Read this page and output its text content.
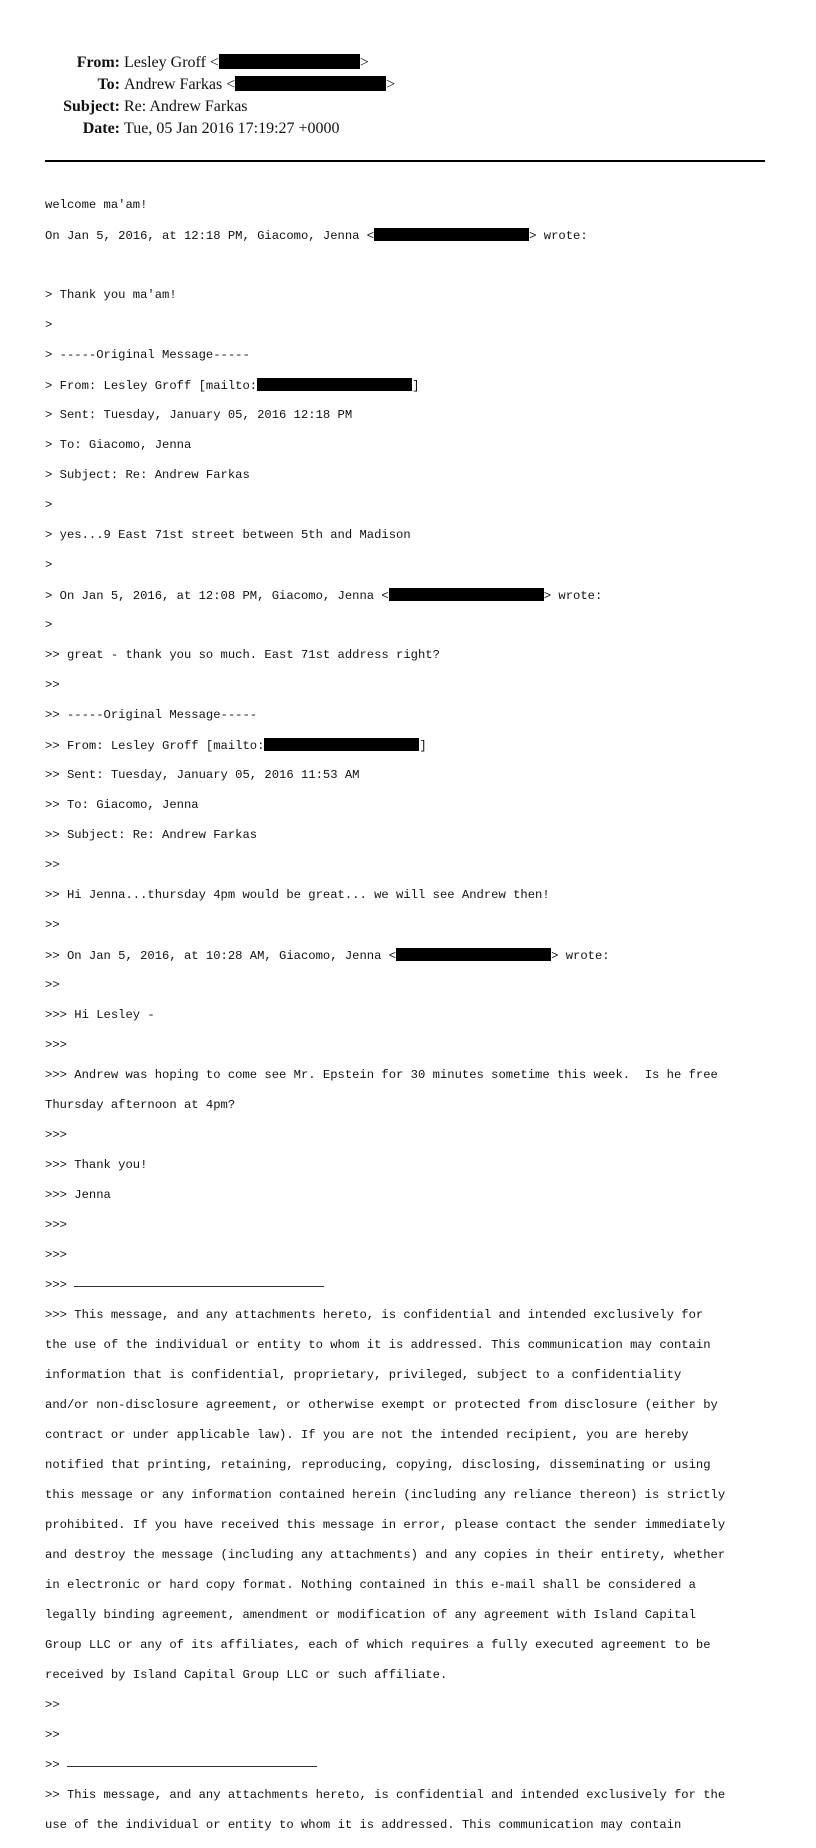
From: Lesley Groff <	>
To: Andrew Farkas <	>
Subject: Re: Andrew Farkas
Date: Tue, 05 Jan 2016 17:19:27 +0000

welcome ma'am!

On Jan 5, 2016, at 12:18 PM, Giacomo, Jenna <	> wrote:

> Thank you ma'am!

>

> -----Original Message-----

> From: Lesley Groff [mailto:	]

> Sent: Tuesday, January 05, 2016 12:18 PM

> To: Giacomo, Jenna

> Subject: Re: Andrew Farkas

>

> yes...9 East 71st street between 5th and Madison

>

> On Jan 5, 2016, at 12:08 PM, Giacomo, Jenna <	> wrote:

>

>> great - thank you so much. East 71st address right?

>>

>> -----Original Message-----

>> From: Lesley Groff [mailto:	]

>> Sent: Tuesday, January 05, 2016 11:53 AM

>> To: Giacomo, Jenna

>> Subject: Re: Andrew Farkas

>>

>> Hi Jenna...thursday 4pm would be great... we will see Andrew then!

>>

>> On Jan 5, 2016, at 10:28 AM, Giacomo, Jenna <	> wrote:

>>

>>> Hi Lesley -

>>>

>>> Andrew was hoping to come see Mr. Epstein for 30 minutes sometime this week.  Is he free

Thursday afternoon at 4pm?

>>>

>>> Thank you!

>>> Jenna

>>>

>>>

>>>

>>> This message, and any attachments hereto, is confidential and intended exclusively for

the use of the individual or entity to whom it is addressed. This communication may contain

information that is confidential, proprietary, privileged, subject to a confidentiality

and/or non-disclosure agreement, or otherwise exempt or protected from disclosure (either by

contract or under applicable law). If you are not the intended recipient, you are hereby

notified that printing, retaining, reproducing, copying, disclosing, disseminating or using

this message or any information contained herein (including any reliance thereon) is strictly

prohibited. If you have received this message in error, please contact the sender immediately

and destroy the message (including any attachments) and any copies in their entirety, whether

in electronic or hard copy format. Nothing contained in this e-mail shall be considered a

legally binding agreement, amendment or modification of any agreement with Island Capital

Group LLC or any of its affiliates, each of which requires a fully executed agreement to be

received by Island Capital Group LLC or such affiliate.

>>

>>

>>

>> This message, and any attachments hereto, is confidential and intended exclusively for the

use of the individual or entity to whom it is addressed. This communication may contain
